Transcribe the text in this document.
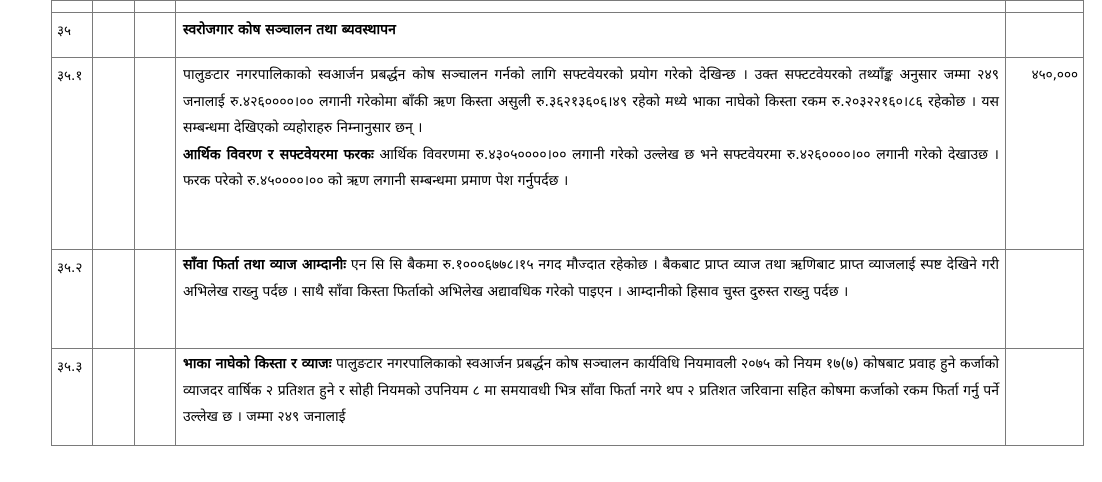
३५			स्वरोजगार कोष सञ्चालन तथा ब्यवस्थापन	
३५.१			पालुङटार नगरपालिकाको स्वआर्जन प्रबर्द्धन कोष सञ्चालन गर्नको लागि सफ्टवेयरको प्रयोग गरेको देखिन्छ । उक्त सफ्टटवेयरको तथ्याँङ्क अनुसार जम्मा २४९ जनालाई रु.४२६००००।०० लगानी गरेकोमा बाँकी ऋण किस्ता असुली रु.३६२१३६०६।४९ रहेको मध्ये भाका नाघेको किस्ता रकम रु.२०३२२१६०।८६ रहेकोछ । यस सम्बन्धमा देखिएको व्यहोराहरु निम्नानुसार छन् ।

आर्थिक विवरण र सफ्टवेयरमा फरकः आर्थिक विवरणमा रु.४३०५००००।०० लगानी गरेको उल्लेख छ भने सफ्टवेयरमा रु.४२६००००।०० लगानी गरेको देखाउछ । फरक परेको रु.४५००००।०० को ऋण लगानी सम्बन्धमा प्रमाण पेश गर्नुपर्दछ ।	४५०,०००
३५.२			साँवा फिर्ता तथा व्याज आम्दानीः एन सि सि बैकमा रु.१०००६७७८।१५ नगद मौज्दात रहेकोछ । बैकबाट प्राप्त व्याज तथा ऋणिबाट प्राप्त व्याजलाई स्पष्ट देखिने गरी अभिलेख राख्नु पर्दछ । साथै साँवा किस्ता फिर्ताको अभिलेख अद्यावधिक गरेको पाइएन । आम्दानीको हिसाव चुस्त दुरुस्त राख्नु पर्दछ ।	

३५.३			भाका नाघेको किस्ता र व्याजः पालुङटार नगरपालिकाको स्वआर्जन प्रबर्द्धन कोष सञ्चालन कार्यविधि नियमावली २०७५ को नियम १७(७) कोषबाट प्रवाह हुने कर्जाको व्याजदर वार्षिक २ प्रतिशत हुने र सोही नियमको उपनियम ८ मा समयावधी भित्र साँवा फिर्ता नगरे थप २ प्रतिशत जरिवाना सहित कोषमा कर्जाको रकम फिर्ता गर्नु पर्ने उल्लेख छ । जम्मा २४९ जनालाई	
